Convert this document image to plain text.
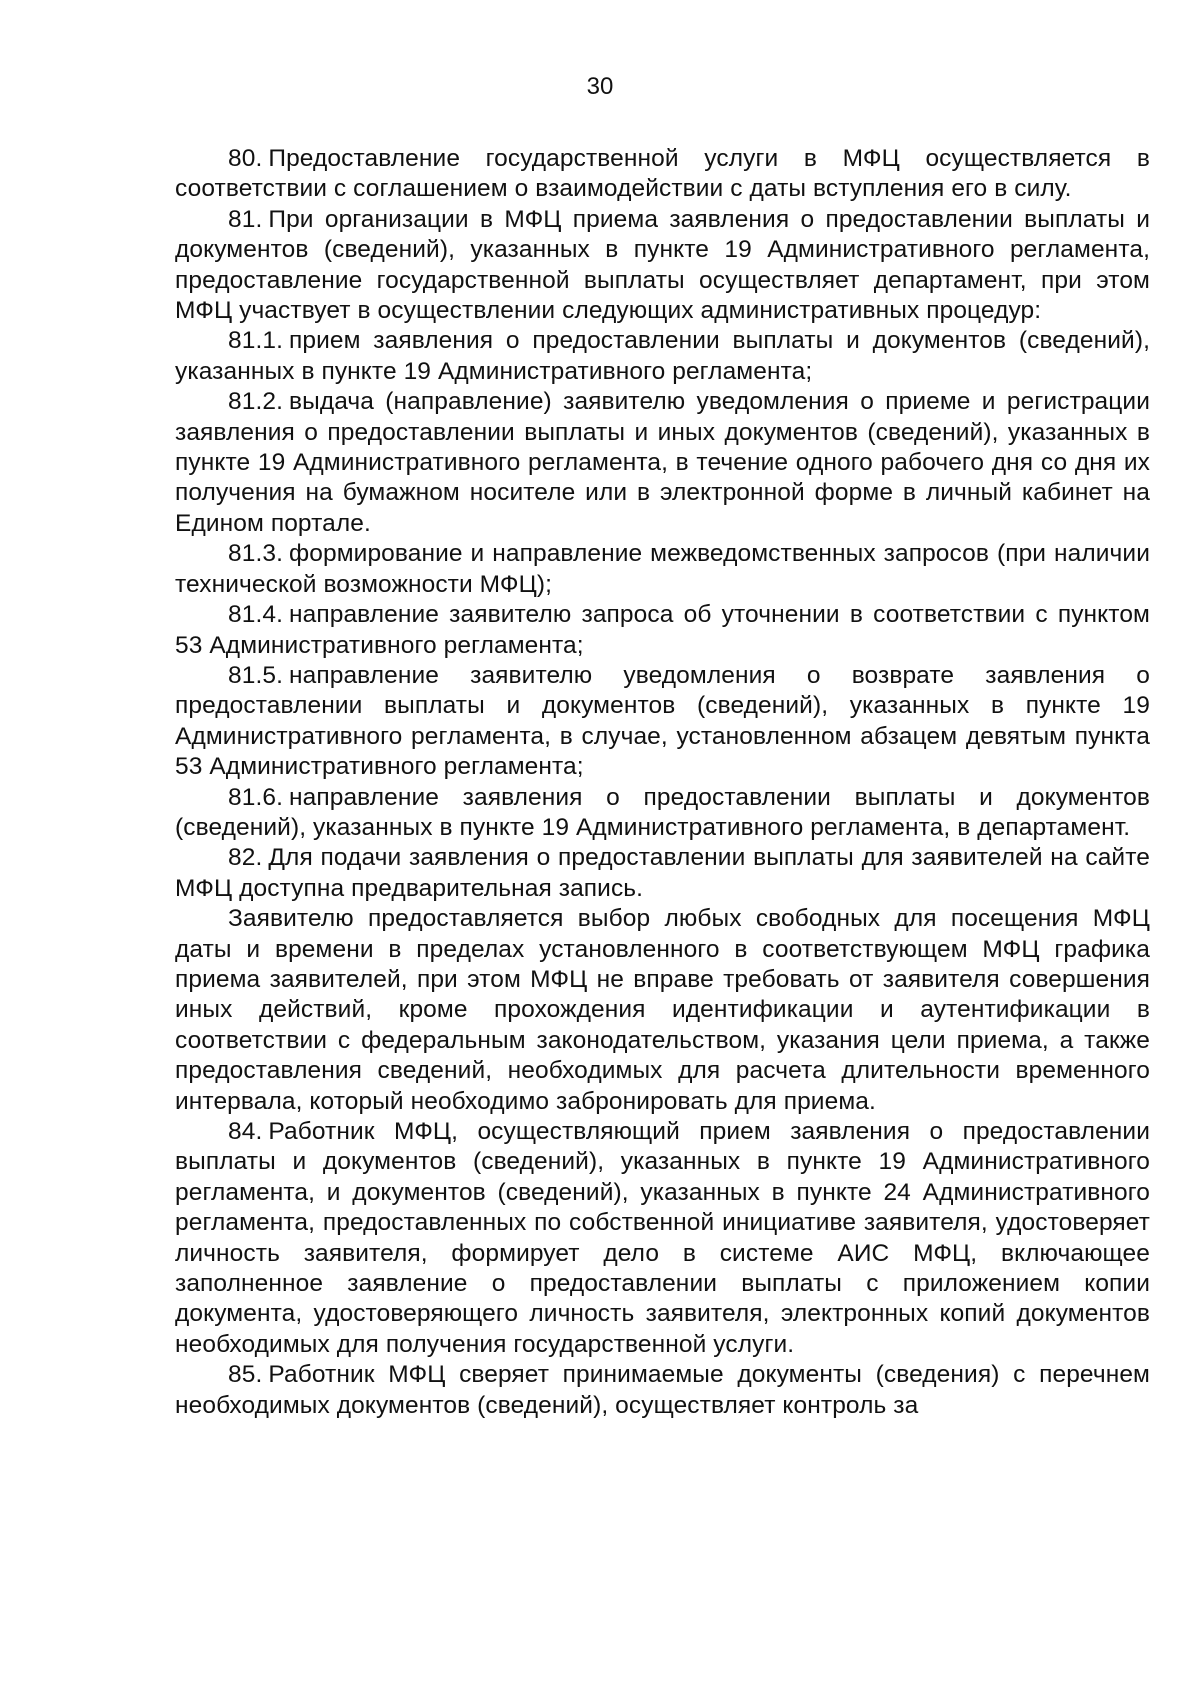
30

80. Предоставление государственной услуги в МФЦ осуществляется в соответствии с соглашением о взаимодействии с даты вступления его в силу.

81. При организации в МФЦ приема заявления о предоставлении выплаты и документов (сведений), указанных в пункте 19 Административного регламента, предоставление государственной выплаты осуществляет департамент, при этом МФЦ участвует в осуществлении следующих административных процедур:

81.1. прием заявления о предоставлении выплаты и документов (сведений), указанных в пункте 19 Административного регламента;

81.2. выдача (направление) заявителю уведомления о приеме и регистрации заявления о предоставлении выплаты и иных документов (сведений), указанных в пункте 19 Административного регламента, в течение одного рабочего дня со дня их получения на бумажном носителе или в электронной форме в личный кабинет на Едином портале.

81.3. формирование и направление межведомственных запросов (при наличии технической возможности МФЦ);

81.4. направление заявителю запроса об уточнении в соответствии с пунктом 53 Административного регламента;

81.5. направление заявителю уведомления о возврате заявления о предоставлении выплаты и документов (сведений), указанных в пункте 19 Административного регламента, в случае, установленном абзацем девятым пункта 53 Административного регламента;

81.6. направление заявления о предоставлении выплаты и документов (сведений), указанных в пункте 19 Административного регламента, в департамент.

82. Для подачи заявления о предоставлении выплаты для заявителей на сайте МФЦ доступна предварительная запись.

Заявителю предоставляется выбор любых свободных для посещения МФЦ даты и времени в пределах установленного в соответствующем МФЦ графика приема заявителей, при этом МФЦ не вправе требовать от заявителя совершения иных действий, кроме прохождения идентификации и аутентификации в соответствии с федеральным законодательством, указания цели приема, а также предоставления сведений, необходимых для расчета длительности временного интервала, который необходимо забронировать для приема.

84. Работник МФЦ, осуществляющий прием заявления о предоставлении выплаты и документов (сведений), указанных в пункте 19 Административного регламента, и документов (сведений), указанных в пункте 24 Административного регламента, предоставленных по собственной инициативе заявителя, удостоверяет личность заявителя, формирует дело в системе АИС МФЦ, включающее заполненное заявление о предоставлении выплаты с приложением копии документа, удостоверяющего личность заявителя, электронных копий документов необходимых для получения государственной услуги.

85. Работник МФЦ сверяет принимаемые документы (сведения) с перечнем необходимых документов (сведений), осуществляет контроль за
